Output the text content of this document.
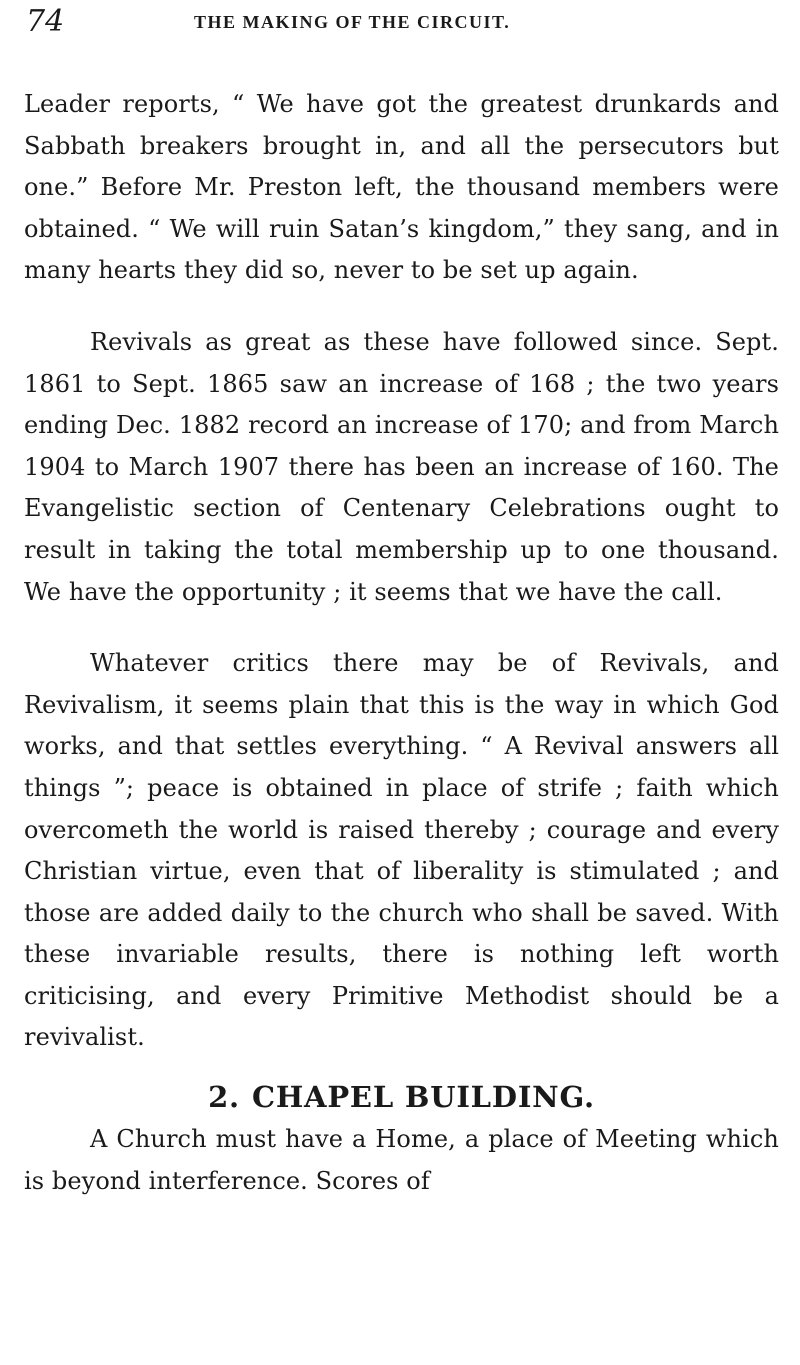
74	THE MAKING OF THE CIRCUIT.

Leader reports, “ We have got the greatest drunkards and Sabbath breakers brought in, and all the persecutors but one.” Before Mr. Preston left, the thousand members were obtained. “ We will ruin Satan’s kingdom,” they sang, and in many hearts they did so, never to be set up again.

Revivals as great as these have followed since. Sept. 1861 to Sept. 1865 saw an increase of 168 ; the two years ending Dec. 1882 record an increase of 170; and from March 1904 to March 1907 there has been an increase of 160. The Evangelistic section of Centenary Celebrations ought to result in taking the total membership up to one thousand. We have the opportunity ; it seems that we have the call.

Whatever critics there may be of Revivals, and Revivalism, it seems plain that this is the way in which God works, and that settles everything. “ A Revival answers all things ”; peace is obtained in place of strife ; faith which overcometh the world is raised thereby ; courage and every Christian virtue, even that of liberality is stimulated ; and those are added daily to the church who shall be saved. With these invariable results, there is nothing left worth criticising, and every Primitive Methodist should be a revivalist.

2. CHAPEL BUILDING.

A Church must have a Home, a place of Meeting which is beyond interference. Scores of
